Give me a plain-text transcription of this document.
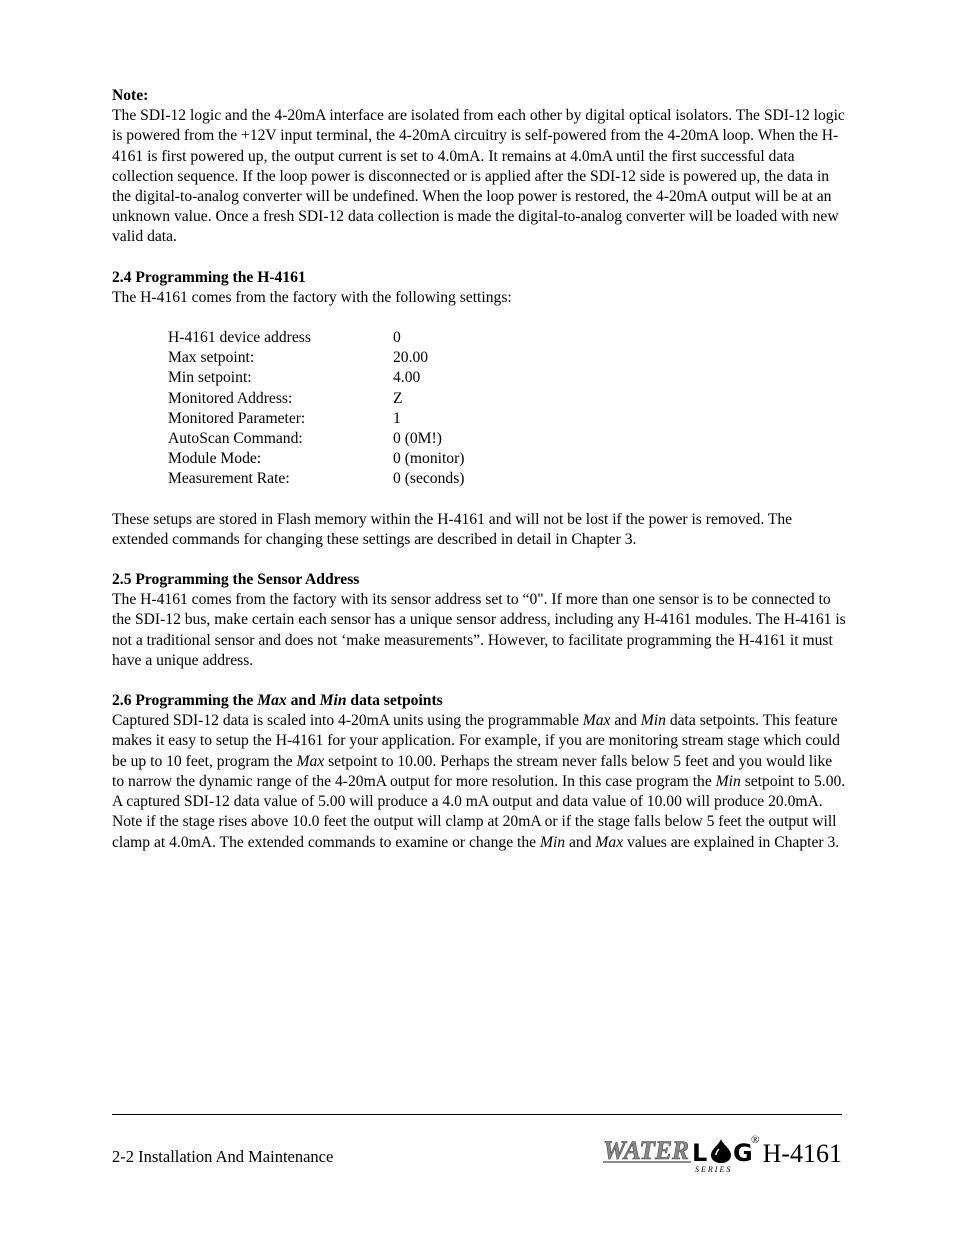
Note:

The SDI-12 logic and the 4-20mA interface are isolated from each other by digital optical isolators. The SDI-12 logic is powered from the +12V input terminal, the 4-20mA circuitry is self-powered from the 4-20mA loop. When the H-4161 is first powered up, the output current is set to 4.0mA. It remains at 4.0mA until the first successful data collection sequence. If the loop power is disconnected or is applied after the SDI-12 side is powered up, the data in the digital-to-analog converter will be undefined. When the loop power is restored, the 4-20mA output will be at an unknown value. Once a fresh SDI-12 data collection is made the digital-to-analog converter will be loaded with new valid data.

2.4 Programming the H-4161

The H-4161 comes from the factory with the following settings:

H-4161 device address	0
Max setpoint:	20.00
Min setpoint:	4.00
Monitored Address:	Z
Monitored Parameter:	1
AutoScan Command:	0 (0M!)
Module Mode:	0 (monitor)
Measurement Rate:	0 (seconds)

These setups are stored in Flash memory within the H-4161 and will not be lost if the power is removed. The extended commands for changing these settings are described in detail in Chapter 3.

2.5 Programming the Sensor Address

The H-4161 comes from the factory with its sensor address set to “0". If more than one sensor is to be connected to the SDI-12 bus, make certain each sensor has a unique sensor address, including any H-4161 modules. The H-4161 is not a traditional sensor and does not ‘make measurements”. However, to facilitate programming the H-4161 it must have a unique address.

2.6 Programming the Max and Min data setpoints

Captured SDI-12 data is scaled into 4-20mA units using the programmable Max and Min data setpoints. This feature makes it easy to setup the H-4161 for your application. For example, if you are monitoring stream stage which could be up to 10 feet, program the Max setpoint to 10.00. Perhaps the stream never falls below 5 feet and you would like to narrow the dynamic range of the 4-20mA output for more resolution. In this case program the Min setpoint to 5.00. A captured SDI-12 data value of 5.00 will produce a 4.0 mA output and data value of 10.00 will produce 20.0mA. Note if the stage rises above 10.0 feet the output will clamp at 20mA or if the stage falls below 5 feet the output will clamp at 4.0mA. The extended commands to examine or change the Min and Max values are explained in Chapter 3.

2-2 Installation And Maintenance	WATER L G
S E R I E S
® H-4161
